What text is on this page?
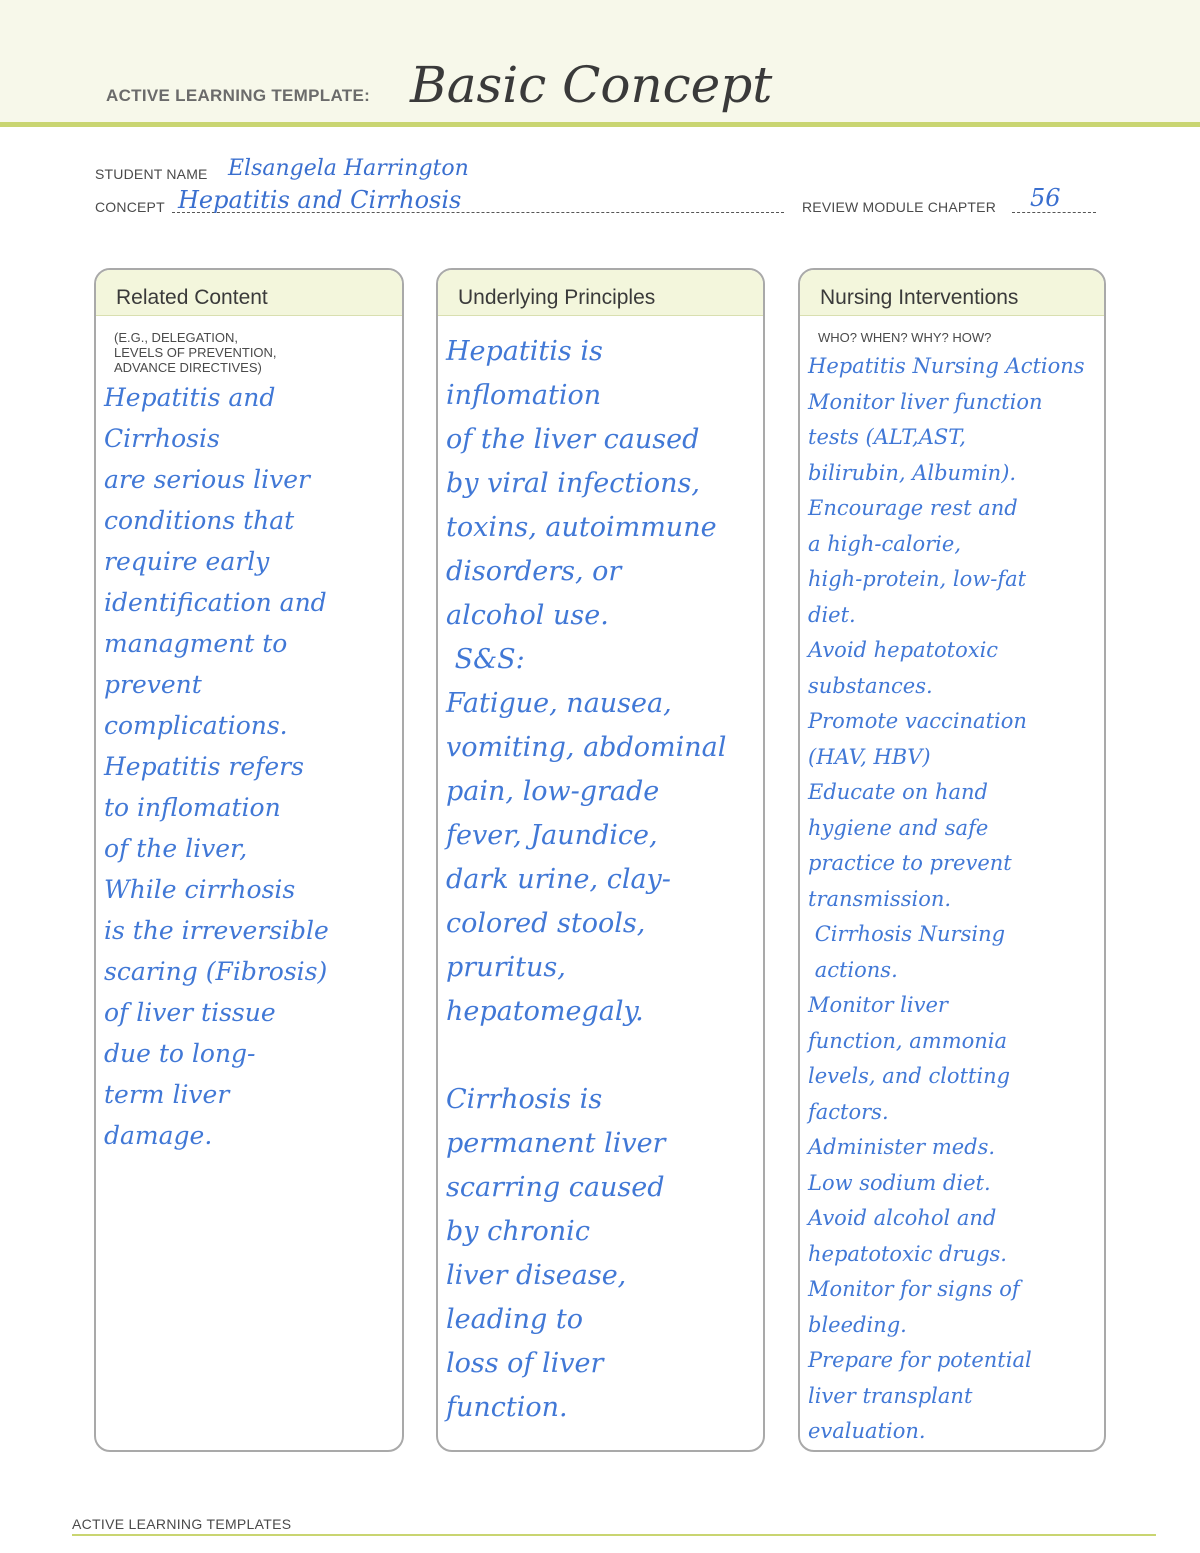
ACTIVE LEARNING TEMPLATE: Basic Concept
STUDENT NAME Elsangela Harrington
CONCEPT Hepatitis and Cirrhosis	REVIEW MODULE CHAPTER 56
Related Content
(E.G., DELEGATION,
LEVELS OF PREVENTION,
ADVANCE DIRECTIVES)
Hepatitis and Cirrhosis
are serious liver
conditions that
require early
identification and
managment to
prevent complications.
Hepatitis refers
to inflomation
of the liver,
While cirrhosis
is the irreversible
scaring (Fibrosis)
of liver tissue
due to long-
term liver
damage.
Underlying Principles
Hepatitis is inflomation
of the liver caused
by viral infections,
toxins, autoimmune
disorders, or
alcohol use.
S&S:
Fatigue, nausea,
vomiting, abdominal
pain, low-grade
fever, Jaundice,
dark urine, clay-
colored stools,
pruritus,
hepatomegaly.

Cirrhosis is
permanent liver
scarring caused
by chronic
liver disease,
leading to
loss of liver
function.
Nursing Interventions
WHO? WHEN? WHY? HOW?
Hepatitis Nursing Actions
Monitor liver function
tests (ALT,AST,
bilirubin, Albumin).
Encourage rest and
a high-calorie,
high-protein, low-fat
diet.
Avoid hepatotoxic
substances.
Promote vaccination
(HAV, HBV)
Educate on hand
hygiene and safe
practice to prevent
transmission.
Cirrhosis Nursing
actions.
Monitor liver
function, ammonia
levels, and clotting
factors.
Administer meds.
Low sodium diet.
Avoid alcohol and
hepatotoxic drugs.
Monitor for signs of
bleeding.
Prepare for potential
liver transplant
evaluation.
ACTIVE LEARNING TEMPLATES
